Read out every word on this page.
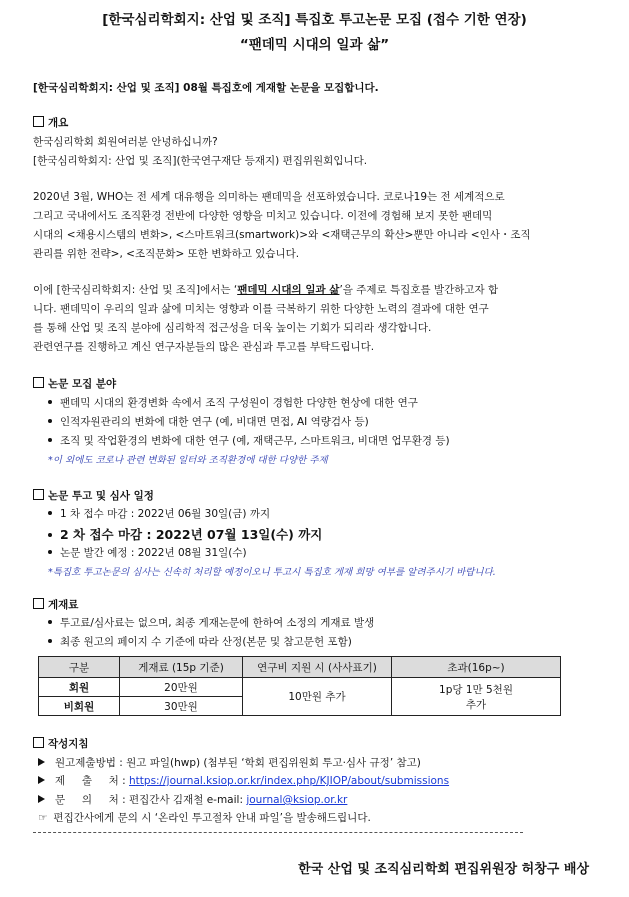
[한국심리학회지: 산업 및 조직] 특집호 투고논문 모집 (접수 기한 연장)
“팬데믹 시대의 일과 삶”
[한국심리학회지: 산업 및 조직] 08월 특집호에 게재할 논문을 모집합니다.
개요
한국심리학회 회원여러분 안녕하십니까?
[한국심리학회지: 산업 및 조직](한국연구재단 등재지) 편집위원회입니다.
2020년 3월, WHO는 전 세계 대유행을 의미하는 팬데믹을 선포하였습니다. 코로나19는 전 세계적으로
그리고 국내에서도 조직환경 전반에 다양한 영향을 미치고 있습니다. 이전에 경험해 보지 못한 팬데믹
시대의 <채용시스템의 변화>, <스마트워크(smartwork)>와 <재택근무의 확산>뿐만 아니라 <인사・조직
관리를 위한 전략>, <조직문화> 또한 변화하고 있습니다.
이에 [한국심리학회지: 산업 및 조직]에서는 ‘팬데믹 시대의 일과 삶’을 주제로 특집호를 발간하고자 합
니다. 팬데믹이 우리의 일과 삶에 미치는 영향과 이를 극복하기 위한 다양한 노력의 결과에 대한 연구
를 통해 산업 및 조직 분야에 심리학적 접근성을 더욱 높이는 기회가 되리라 생각합니다.
관련연구를 진행하고 계신 연구자분들의 많은 관심과 투고를 부탁드립니다.
논문 모집 분야
팬데믹 시대의 환경변화 속에서 조직 구성원이 경험한 다양한 현상에 대한 연구
인적자원관리의 변화에 대한 연구 (예, 비대면 면접, AI 역량검사 등)
조직 및 작업환경의 변화에 대한 연구 (예, 재택근무, 스마트워크, 비대면 업무환경 등)
*이 외에도 코로나 관련 변화된 일터와 조직환경에 대한 다양한 주제
논문 투고 및 심사 일정
1 차 접수 마감 : 2022년 06월 30일(금) 까지
2 차 접수 마감 : 2022년 07월 13일(수) 까지
논문 발간 예정 : 2022년 08월 31일(수)
*특집호 투고논문의 심사는 신속히 처리할 예정이오니 투고시 특집호 게재 희망 여부를 알려주시기 바랍니다.
게재료
투고료/심사료는 없으며, 최종 게재논문에 한하여 소정의 게재료 발생
최종 원고의 페이지 수 기준에 따라 산정(본문 및 참고문헌 포함)
구분	게재료 (15p 기준)	연구비 지원 시 (사사표기)	초과(16p~)
회원	20만원	10만원 추가	1p당 1만 5천원
추가

비회원	30만원		
작성지침
원고제출방법 : 원고 파일(hwp) (첨부된 ‘학회 편집위원회 투고·심사 규정’ 참고)
제     출     처 : https://journal.ksiop.or.kr/index.php/KJIOP/about/submissions
문     의     처 : 편집간사 김재철 e-mail: journal@ksiop.or.kr
☞ 편집간사에게 문의 시 ‘온라인 투고절차 안내 파일’을 발송해드립니다.
한국 산업 및 조직심리학회 편집위원장 허창구 배상
